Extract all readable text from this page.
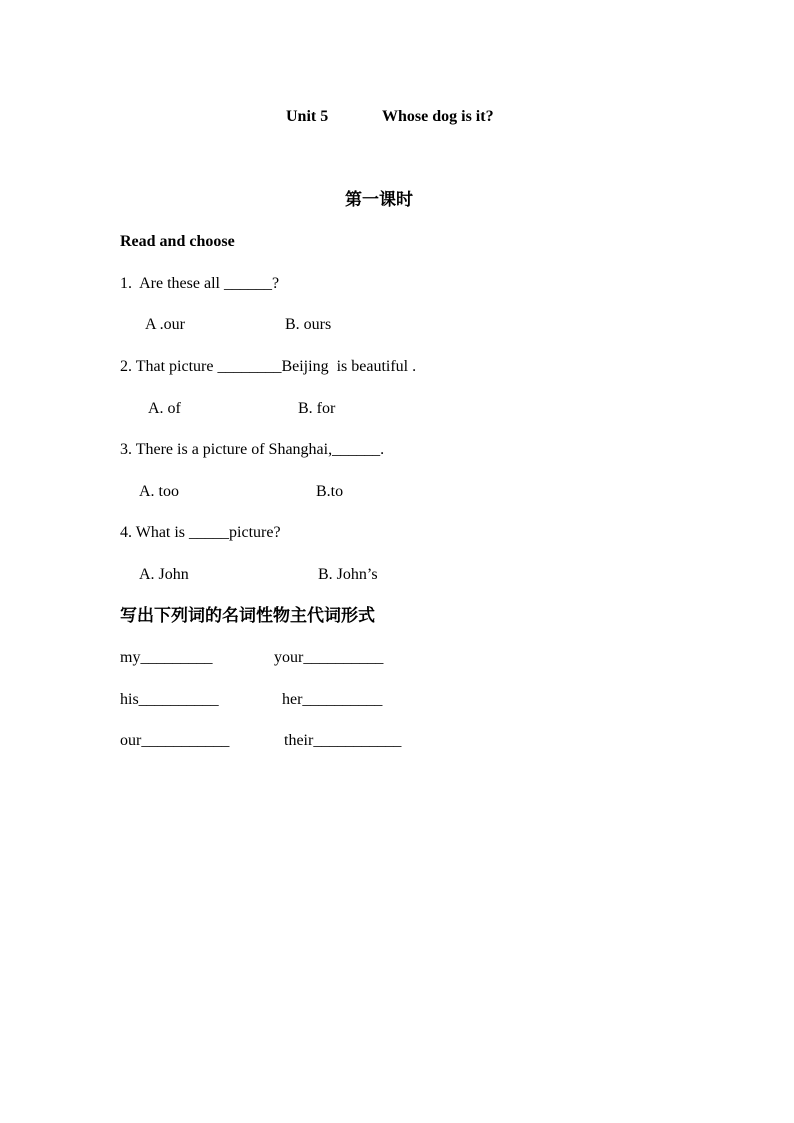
Unit 5	Whose dog is it?
第一课时
Read and choose
1.  Are these all ______?
A .our	B. ours
2. That picture ________Beijing  is beautiful .
A. of	B. for
3. There is a picture of Shanghai,______.
A. too	B.to
4. What is _____picture?
A. John	B. John’s
写出下列词的名词性物主代词形式
my_________	your__________
his__________	her__________
our___________	their___________
